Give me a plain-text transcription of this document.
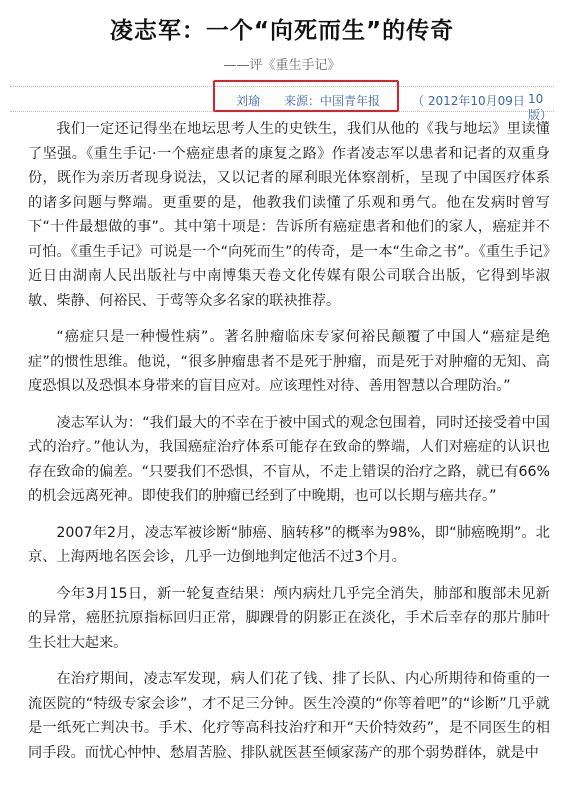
凌志军：一个“向死而生”的传奇
——评《重生手记》
刘瑜 来源：中国青年报	（ 2012年10月09日 10 版）

我们一定还记得坐在地坛思考人生的史铁生，我们从他的《我与地坛》里读懂了坚强。《重生手记·一个癌症患者的康复之路》作者凌志军以患者和记者的双重身份，既作为亲历者现身说法，又以记者的犀利眼光体察剖析，呈现了中国医疗体系的诸多问题与弊端。更重要的是，他教我们读懂了乐观和勇气。他在发病时曾写下“十件最想做的事”。其中第十项是：告诉所有癌症患者和他们的家人，癌症并不可怕。《重生手记》可说是一个“向死而生”的传奇，是一本“生命之书”。《重生手记》近日由湖南人民出版社与中南博集天卷文化传媒有限公司联合出版，它得到毕淑敏、柴静、何裕民、于莺等众多名家的联袂推荐。

“癌症只是一种慢性病”。著名肿瘤临床专家何裕民颠覆了中国人“癌症是绝症”的惯性思维。他说，“很多肿瘤患者不是死于肿瘤，而是死于对肿瘤的无知、高度恐惧以及恐惧本身带来的盲目应对。应该理性对待、善用智慧以合理防治。”

凌志军认为：“我们最大的不幸在于被中国式的观念包围着，同时还接受着中国式的治疗。”他认为，我国癌症治疗体系可能存在致命的弊端，人们对癌症的认识也存在致命的偏差。“只要我们不恐惧，不盲从，不走上错误的治疗之路，就已有66%的机会远离死神。即使我们的肿瘤已经到了中晚期，也可以长期与癌共存。”

2007年2月，凌志军被诊断“肺癌、脑转移”的概率为98%，即“肺癌晚期”。北京、上海两地名医会诊，几乎一边倒地判定他活不过3个月。

今年3月15日，新一轮复查结果：颅内病灶几乎完全消失，肺部和腹部未见新的异常，癌胚抗原指标回归正常，脚踝骨的阴影正在淡化，手术后幸存的那片肺叶生长壮大起来。

在治疗期间，凌志军发现，病人们花了钱、排了长队、内心所期待和倚重的一流医院的“特级专家会诊”，才不足三分钟。医生冷漠的“你等着吧”的“诊断”几乎就是一纸死亡判决书。手术、化疗等高科技治疗和开“天价特效药”，是不同医生的相同手段。而忧心忡忡、愁眉苦脸、排队就医甚至倾家荡产的那个弱势群体，就是中
